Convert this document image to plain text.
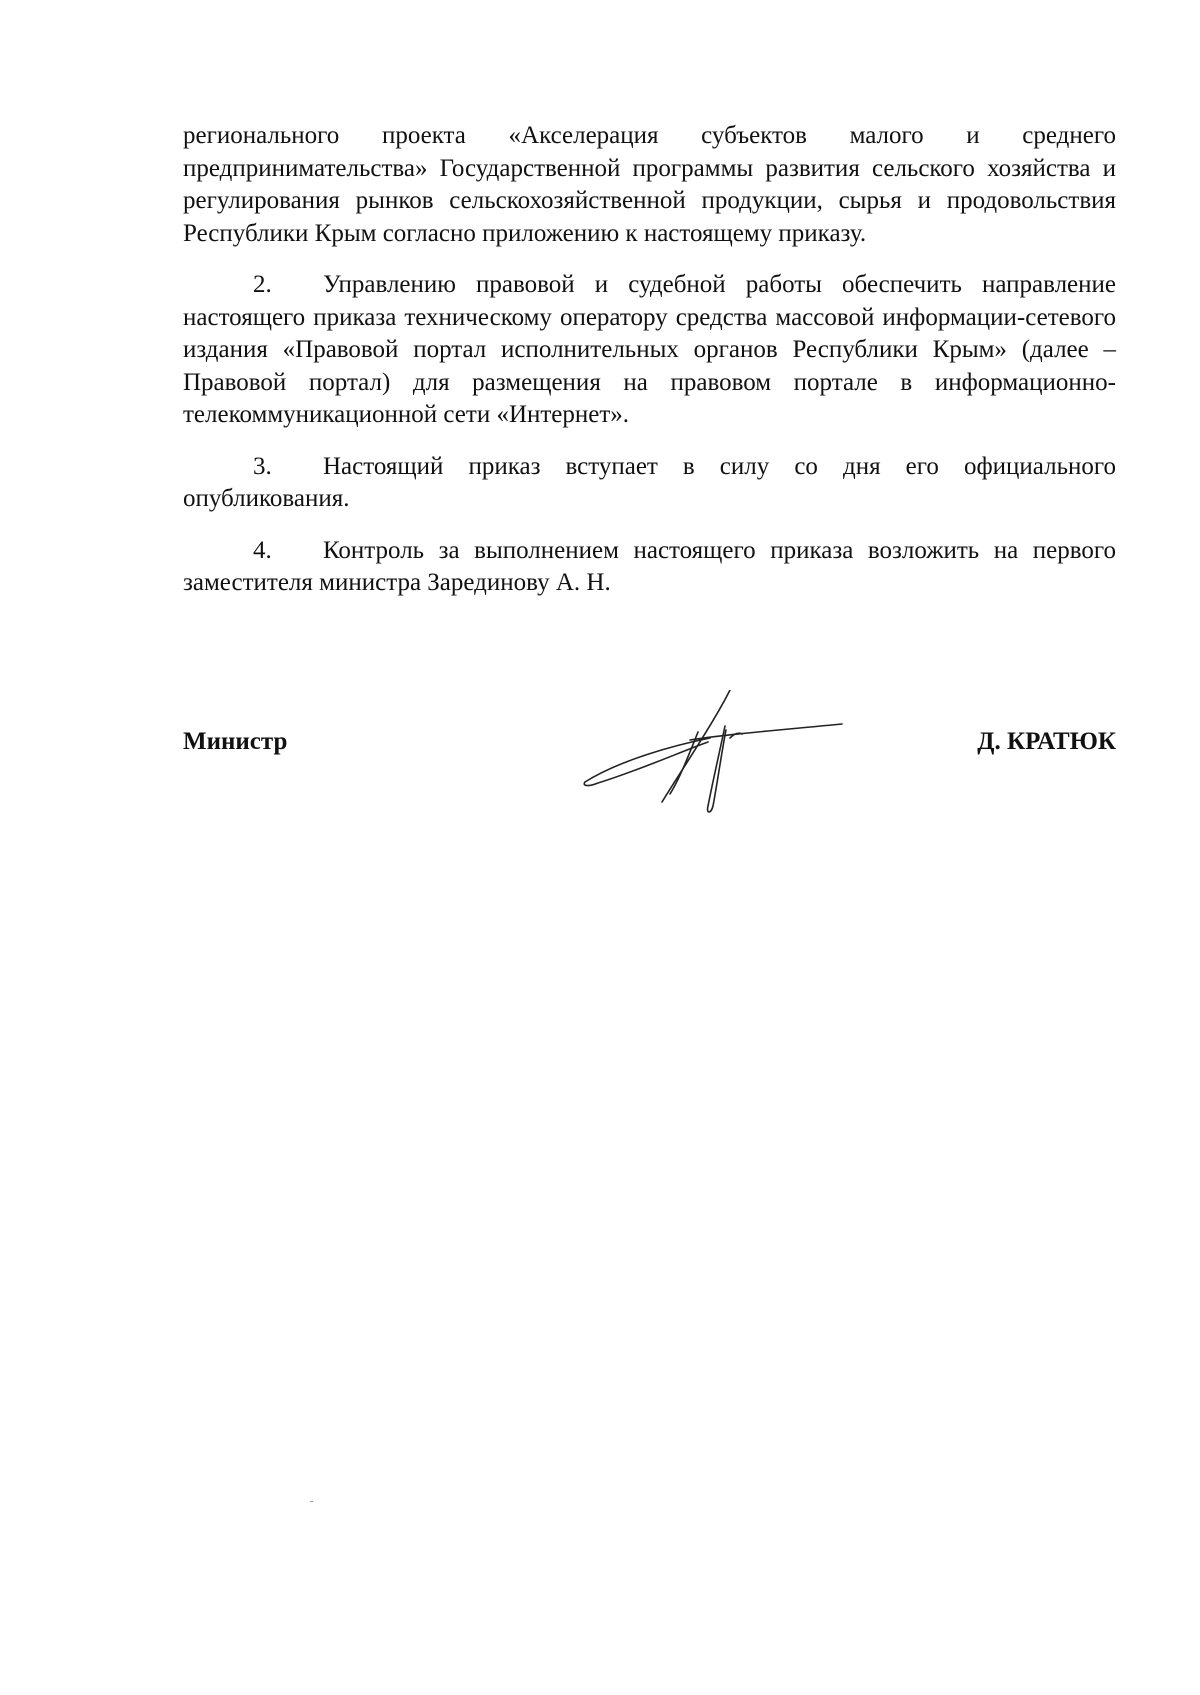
регионального проекта «Акселерация субъектов малого и среднего предпринимательства» Государственной программы развития сельского хозяйства и регулирования рынков сельскохозяйственной продукции, сырья и продовольствия Республики Крым согласно приложению к настоящему приказу.

2. Управлению правовой и судебной работы обеспечить направление настоящего приказа техническому оператору средства массовой информации-сетевого издания «Правовой портал исполнительных органов Республики Крым» (далее – Правовой портал) для размещения на правовом портале в информационно-телекоммуникационной сети «Интернет».

3. Настоящий приказ вступает в силу со дня его официального опубликования.

4. Контроль за выполнением настоящего приказа возложить на первого заместителя министра Зарединову А. Н.

Министр	Д. КРАТЮК
